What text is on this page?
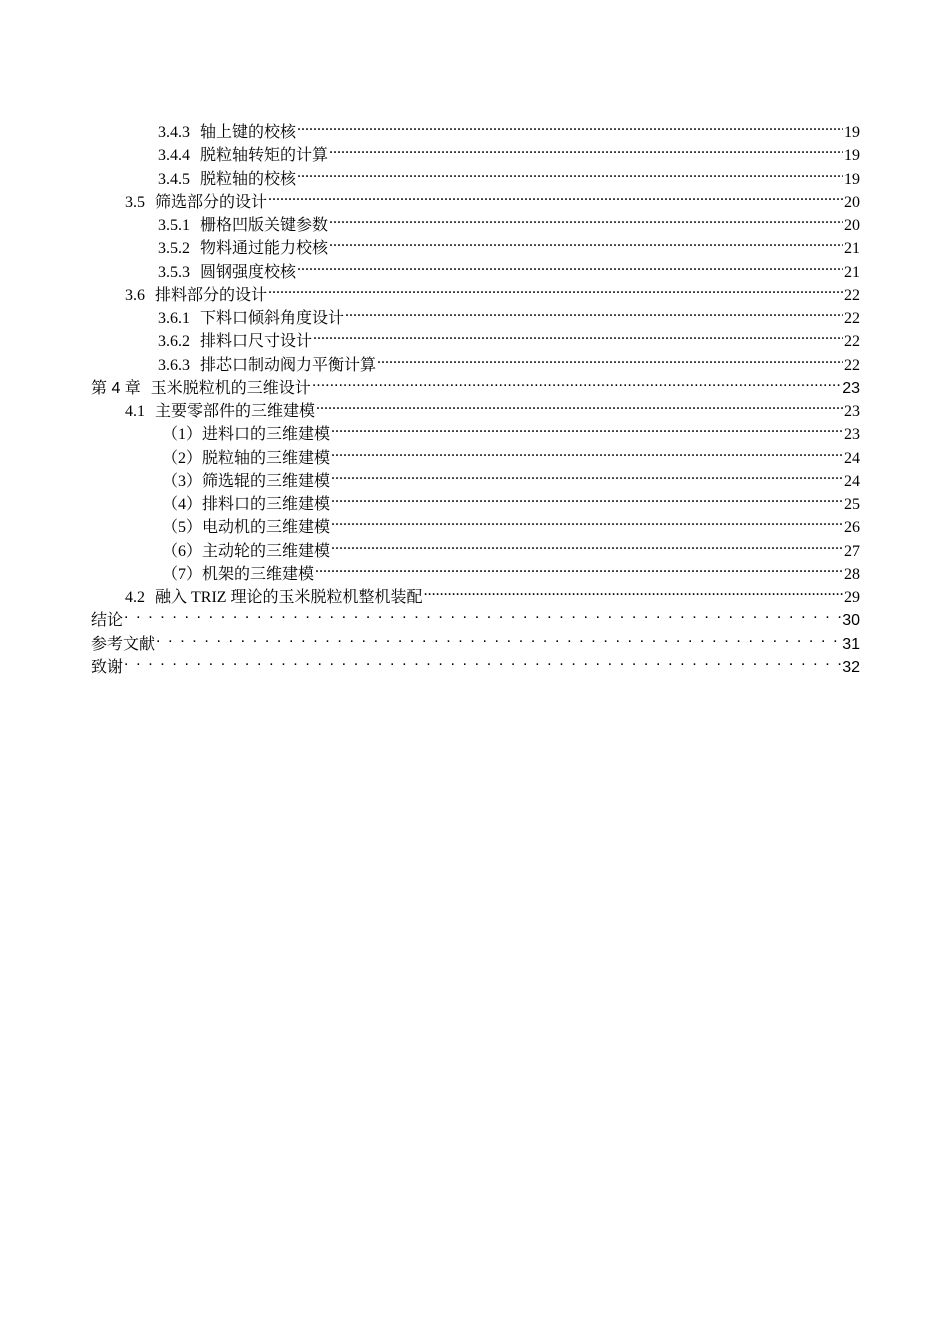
3.4.3 轴上键的校核 .....	19
3.4.4 脱粒轴转矩的计算 .....	19
3.4.5 脱粒轴的校核 .....	19
3.5 筛选部分的设计 .....	20
3.5.1 栅格凹版关键参数 .....	20
3.5.2 物料通过能力校核 .....	21
3.5.3 圆钢强度校核 .....	21
3.6 排料部分的设计 .....	22
3.6.1 下料口倾斜角度设计 .....	22
3.6.2 排料口尺寸设计 .....	22
3.6.3 排芯口制动阀力平衡计算 .....	22
第 4 章 玉米脱粒机的三维设计 .....	23
4.1 主要零部件的三维建模 .....	23
（1）进料口的三维建模 .....	23
（2）脱粒轴的三维建模 .....	24
（3）筛选辊的三维建模 .....	24
（4）排料口的三维建模 .....	25
（5）电动机的三维建模 .....	26
（6）主动轮的三维建模 .....	27
（7）机架的三维建模 .....	28
4.2 融入 TRIZ 理论的玉米脱粒机整机装配 .....	29
结论 . . .	30
参考文献 . . .	31
致谢 . . .	32
